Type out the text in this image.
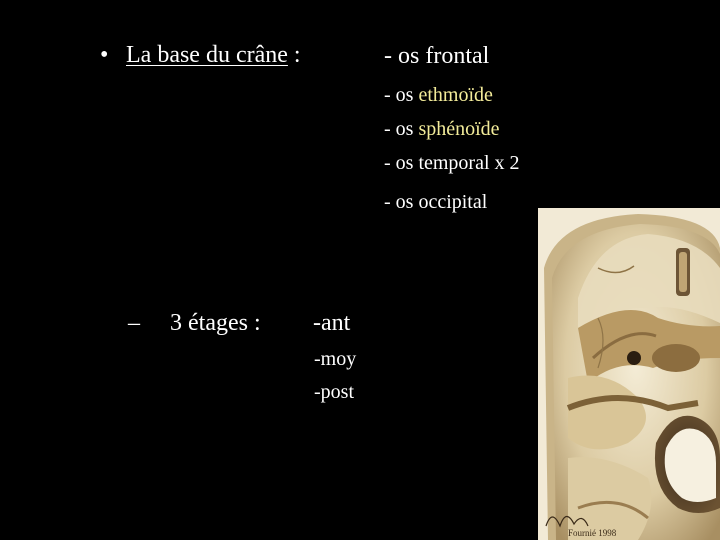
• La base du crâne :	- os frontal
- os ethmoïde
- os sphénoïde
- os temporal x 2
- os occipital
– 3 étages : -ant
-moy
-post
Fournié 1998
